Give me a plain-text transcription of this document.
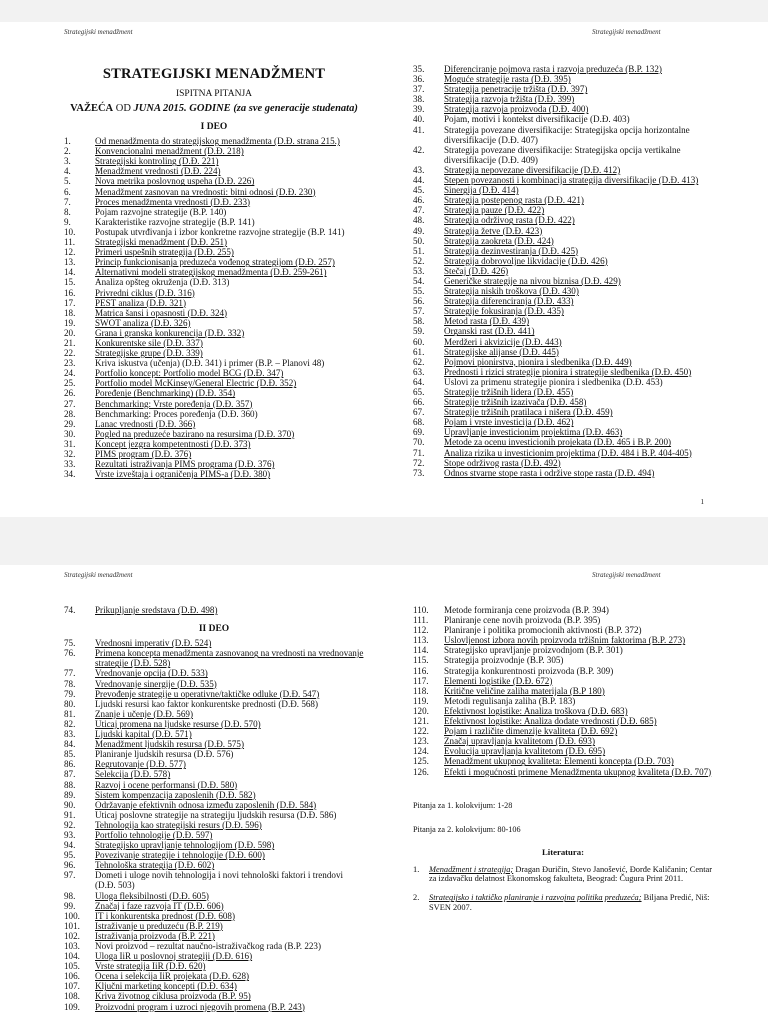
Strategijski menadžment	Strategijski menadžment
STRATEGIJSKI MENADŽMENT
ISPITNA PITANJA
VAŽEĆA OD JUNA 2015. GODINE (za sve generacije studenata)
I DEO
1.	Od menadžmenta do strategijskog menadžmenta (D.Đ. strana 215.)
2.	Konvencionalni menadžment (D.Đ. 218)
3.	Strategijski kontroling (D.Đ. 221)
4.	Menadžment vrednosti (D.Đ. 224)
5.	Nova metrika poslovnog uspeha (D.Đ. 226)
6.	Menadžment zasnovan na vrednosti: bitni odnosi (D.Đ. 230)
7.	Proces menadžmenta vrednosti (D.Đ. 233)
8.	Pojam razvojne strategije (B.P. 140)
9.	Karakteristike razvojne strategije (B.P. 141)
10.	Postupak utvrđivanja i izbor konkretne razvojne strategije (B.P. 141)
11.	Strategijski menadžment (D.Đ. 251)
12.	Primeri uspešnih strategija (D.Đ. 255)
13.	Princip funkcionisanja preduzeća vođenog strategijom (D.Đ. 257)
14.	Alternativni modeli strategijskog menadžmenta (D.Đ. 259-261)
15.	Analiza opšteg okruženja (D.Đ. 313)
16.	Privredni ciklus (D.Đ. 316)
17.	PEST analiza (D.Đ. 321)
18.	Matrica šansi i opasnosti (D.Đ. 324)
19.	SWOT analiza (D.Đ. 326)
20.	Grana i granska konkurencija (D.Đ. 332)
21.	Konkurentske sile (D.Đ. 337)
22.	Strategijske grupe (D.Đ. 339)
23.	Kriva iskustva (učenja) (D.Đ. 341) i primer (B.P. – Planovi 48)
24.	Portfolio koncept: Portfolio model BCG (D.Đ. 347)
25.	Portfolio model McKinsey/General Electric (D.Đ. 352)
26.	Poređenje (Benchmarking) (D.Đ. 354)
27.	Benchmarking: Vrste poređenja (D.Đ. 357)
28.	Benchmarking: Proces poređenja (D.Đ. 360)
29.	Lanac vrednosti (D.Đ. 366)
30.	Pogled na preduzeće bazirano na resursima (D.Đ. 370)
31.	Koncept jezgra kompetentnosti (D.Đ. 373)
32.	PIMS program (D.Đ. 376)
33.	Rezultati istraživanja PIMS programa (D.Đ. 376)
34.	Vrste izveštaja i ograničenja PIMS-a (D.Đ. 380)
35.	Diferenciranje pojmova rasta i razvoja preduzeća (B.P. 132)
36.	Moguće strategije rasta (D.Đ. 395)
37.	Strategija penetracije tržišta (D.Đ. 397)
38.	Strategija razvoja tržišta (D.Đ. 399)
39.	Strategija razvoja proizvoda (D.Đ. 400)
40.	Pojam, motivi i kontekst diversifikacije (D.Đ. 403)
41.	Strategija povezane diversifikacije: Strategijska opcija horizontalne diversifikacije (D.Đ. 407)
42.	Strategija povezane diversifikacije: Strategijska opcija vertikalne diversifikacije (D.Đ. 409)
43.	Strategija nepovezane diversifikacije (D.Đ. 412)
44.	Stepen povezanosti i kombinacija strategija diversifikacije (D.Đ. 413)
45.	Sinergija (D.Đ. 414)
46.	Strategija postepenog rasta (D.Đ. 421)
47.	Strategija pauze (D.Đ. 422)
48.	Strategija održivog rasta (D.Đ. 422)
49.	Strategija žetve (D.Đ. 423)
50.	Strategija zaokreta (D.Đ. 424)
51.	Strategija dezinvestiranja (D.Đ. 425)
52.	Strategija dobrovoljne likvidacije (D.Đ. 426)
53.	Stečaj (D.Đ. 426)
54.	Generičke strategije na nivou biznisa (D.Đ. 429)
55.	Strategija niskih troškova (D.Đ. 430)
56.	Strategija diferenciranja (D.Đ. 433)
57.	Strategije fokusiranja (D.Đ. 435)
58.	Metod rasta (D.Đ. 439)
59.	Organski rast (D.Đ. 441)
60.	Merdžeri i akvizicije (D.Đ. 443)
61.	Strategijske alijanse (D.Đ. 445)
62.	Pojmovi pionirstva, pionira i sledbenika (D.Đ. 449)
63.	Prednosti i rizici strategije pionira i strategije sledbenika (D.Đ. 450)
64.	Uslovi za primenu strategije pionira i sledbenika (D.Đ. 453)
65.	Strategije tržišnih lidera (D.Đ. 455)
66.	Strategije tržišnih izazivača (D.Đ. 458)
67.	Strategije tržišnih pratilaca i nišera (D.Đ. 459)
68.	Pojam i vrste investicija (D.Đ. 462)
69.	Upravljanje investicionim projektima (D.Đ. 463)
70.	Metode za ocenu investicionih projekata (D.Đ. 465 i B.P. 200)
71.	Analiza rizika u investicionim projektima (D.Đ. 484 i B.P. 404-405)
72.	Stope održivog rasta (D.Đ. 492)
73.	Odnos stvarne stope rasta i održive stope rasta (D.Đ. 494)
1
Strategijski menadžment	Strategijski menadžment
74.	Prikupljanje sredstava (D.Đ. 498)
II DEO
75.	Vrednosni imperativ (D.Đ. 524)
76.	Primena koncepta menadžmenta zasnovanog na vrednosti na vrednovanje strategije (D.Đ. 528)
77.	Vrednovanje opcija (D.Đ. 533)
78.	Vrednovanje sinergije (D.Đ. 535)
79.	Prevođenje strategije u operativne/taktičke odluke (D.Đ. 547)
80.	Ljudski resursi kao faktor konkurentske prednosti (D.Đ. 568)
81.	Znanje i učenje (D.Đ. 569)
82.	Uticaj promena na ljudske resurse (D.Đ. 570)
83.	Ljudski kapital (D.Đ. 571)
84.	Menadžment ljudskih resursa (D.Đ. 575)
85.	Planiranje ljudskih resursa (D.Đ. 576)
86.	Regrutovanje (D.Đ. 577)
87.	Selekcija (D.Đ. 578)
88.	Razvoj i ocene performansi (D.Đ. 580)
89.	Sistem kompenzacija zaposlenih (D.Đ. 582)
90.	Održavanje efektivnih odnosa između zaposlenih (D.Đ. 584)
91.	Uticaj poslovne strategije na strategiju ljudskih resursa (D.Đ. 586)
92.	Tehnologija kao strategijski resurs (D.Đ. 596)
93.	Portfolio tehnologije (D.Đ. 597)
94.	Strategijsko upravljanje tehnologijom (D.Đ. 598)
95.	Povezivanje strategije i tehnologije (D.Đ. 600)
96.	Tehnološka strategija (D.Đ. 602)
97.	Dometi i uloge novih tehnologija i novi tehnološki faktori i trendovi (D.Đ. 503)
98.	Uloga fleksibilnosti (D.Đ. 605)
99.	Značaj i faze razvoja IT (D.Đ. 606)
100.	IT i konkurentska prednost (D.Đ. 608)
101.	Istraživanje u preduzeću (B.P. 219)
102.	Istraživanja proizvoda (B.P. 221)
103.	Novi proizvod – rezultat naučno-istraživačkog rada (B.P. 223)
104.	Uloga IiR u poslovnoj strategiji (D.Đ. 616)
105.	Vrste strategija IiR (D.Đ. 620)
106.	Ocena i selekcija IiR projekata (D.Đ. 628)
107.	Ključni marketing koncepti (D.Đ. 634)
108.	Kriva životnog ciklusa proizvoda (B.P. 95)
109.	Proizvodni program i uzroci njegovih promena (B.P. 243)
110.	Metode formiranja cene proizvoda (B.P. 394)
111.	Planiranje cene novih proizvoda (B.P. 395)
112.	Planiranje i politika promocionih aktivnosti (B.P. 372)
113.	Uslovljenost izbora novih proizvoda tržišnim faktorima (B.P. 273)
114.	Strategijsko upravljanje proizvodnjom (B.P. 301)
115.	Strategija proizvodnje (B.P. 305)
116.	Strategija konkurentnosti proizvoda (B.P. 309)
117.	Elementi logistike (D.Đ. 672)
118.	Kritične veličine zaliha materijala (B.P 180)
119.	Metodi regulisanja zaliha (B.P. 183)
120.	Efektivnost logistike: Analiza troškova (D.Đ. 683)
121.	Efektivnost logistike: Analiza dodate vrednosti (D.Đ. 685)
122.	Pojam i različite dimenzije kvaliteta (D.Đ. 692)
123.	Značaj upravljanja kvalitetom (D.Đ. 693)
124.	Evolucija upravljanja kvalitetom (D.Đ. 695)
125.	Menadžment ukupnog kvaliteta: Elementi koncepta (D.Đ. 703)
126.	Efekti i mogućnosti primene Menadžmenta ukupnog kvaliteta (D.Đ. 707)
Pitanja za 1. kolokvijum: 1-28
Pitanja za 2. kolokvijum: 80-106
Literatura:
1.	Menadžment i strategija; Dragan Đuričin, Stevo Janošević, Đorđe Kaličanin; Centar za izdavačku delatnost Ekonomskog fakulteta, Beograd: Čugura Print 2011.
2.	Strategijsko i taktičko planiranje i razvojna politika preduzeća; Biljana Predić, Niš: SVEN 2007.
